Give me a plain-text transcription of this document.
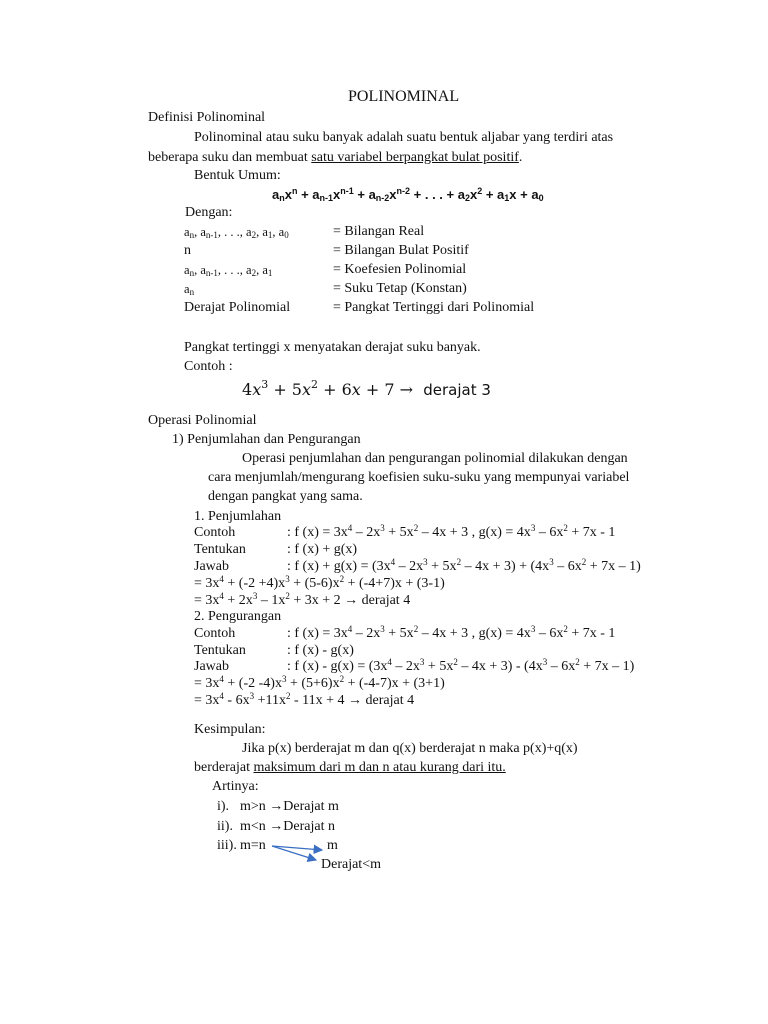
POLINOMINAL
Definisi Polinominal
Polinominal atau suku banyak adalah suatu bentuk aljabar yang terdiri atas
beberapa suku dan membuat satu variabel berpangkat bulat positif.
Bentuk Umum:
$a_nx^n + a_{n-1}x^{n-1} + a_{n-2}x^{n-2}$ + . . . + $a_2x^2 + a_1x + a_0$
Dengan:
$a_n$, $a_{n-1}$, . . ., $a_2$, $a_1$, $a_0$	= Bilangan Real
n	= Bilangan Bulat Positif
$a_n$, $a_{n-1}$, . . ., $a_2$, $a_1$	= Koefesien Polinomial
$a_n$	= Suku Tetap (Konstan)
Derajat Polinomial	= Pangkat Tertinggi dari Polinomial
Pangkat tertinggi x menyatakan derajat suku banyak.
Contoh :
$4x^3 + 5x^2 + 6x + 7$ → derajat 3
Operasi Polinomial
1) Penjumlahan dan Pengurangan
Operasi penjumlahan dan pengurangan polinomial dilakukan dengan
cara menjumlah/mengurang koefisien suku-suku yang mempunyai variabel
dengan pangkat yang sama.
1. Penjumlahan
Contoh	: f $(x) = 3x^4 - 2x^3 + 5x^2 - 4x + 3$ , $g(x) = 4x^3 - 6x^2 + 7x - 1$
Tentukan	: f (x) + g(x)
Jawab	: f $(x) + g(x) = (3x^4 - 2x^3 + 5x^2 - 4x + 3) + (4x^3 - 6x^2 + 7x - 1)$
= $3x^4 + (-2 +4)x^3 + (5-6)x^2 + (-4+7)x + (3-1)$
= $3x^4 + 2x^3 - 1x^2 + 3x + 2$ → derajat 4
2. Pengurangan
Contoh	: f $(x) = 3x^4 - 2x^3 + 5x^2 - 4x + 3$ , $g(x) = 4x^3 - 6x^2 + 7x - 1$
Tentukan	: f (x) - g(x)
Jawab	: f $(x) - g(x) = (3x^4 - 2x^3 + 5x^2 - 4x + 3) - (4x^3 - 6x^2 + 7x - 1)$
= $3x^4 + (-2$ $-4)x^3 + (5+6)x^2 + (-4-7)x + (3+1)$
= $3x^4 - 6x^3 +11x^2 - 11x + 4$ → derajat 4
Kesimpulan:
Jika p(x) berderajat m dan q(x) berderajat n maka p(x)+q(x)
berderajat maksimum dari m dan n atau kurang dari itu.
Artinya:
i). m>n →Derajat m
ii). m<n →Derajat n
iii). m=n	m
Derajat<m
